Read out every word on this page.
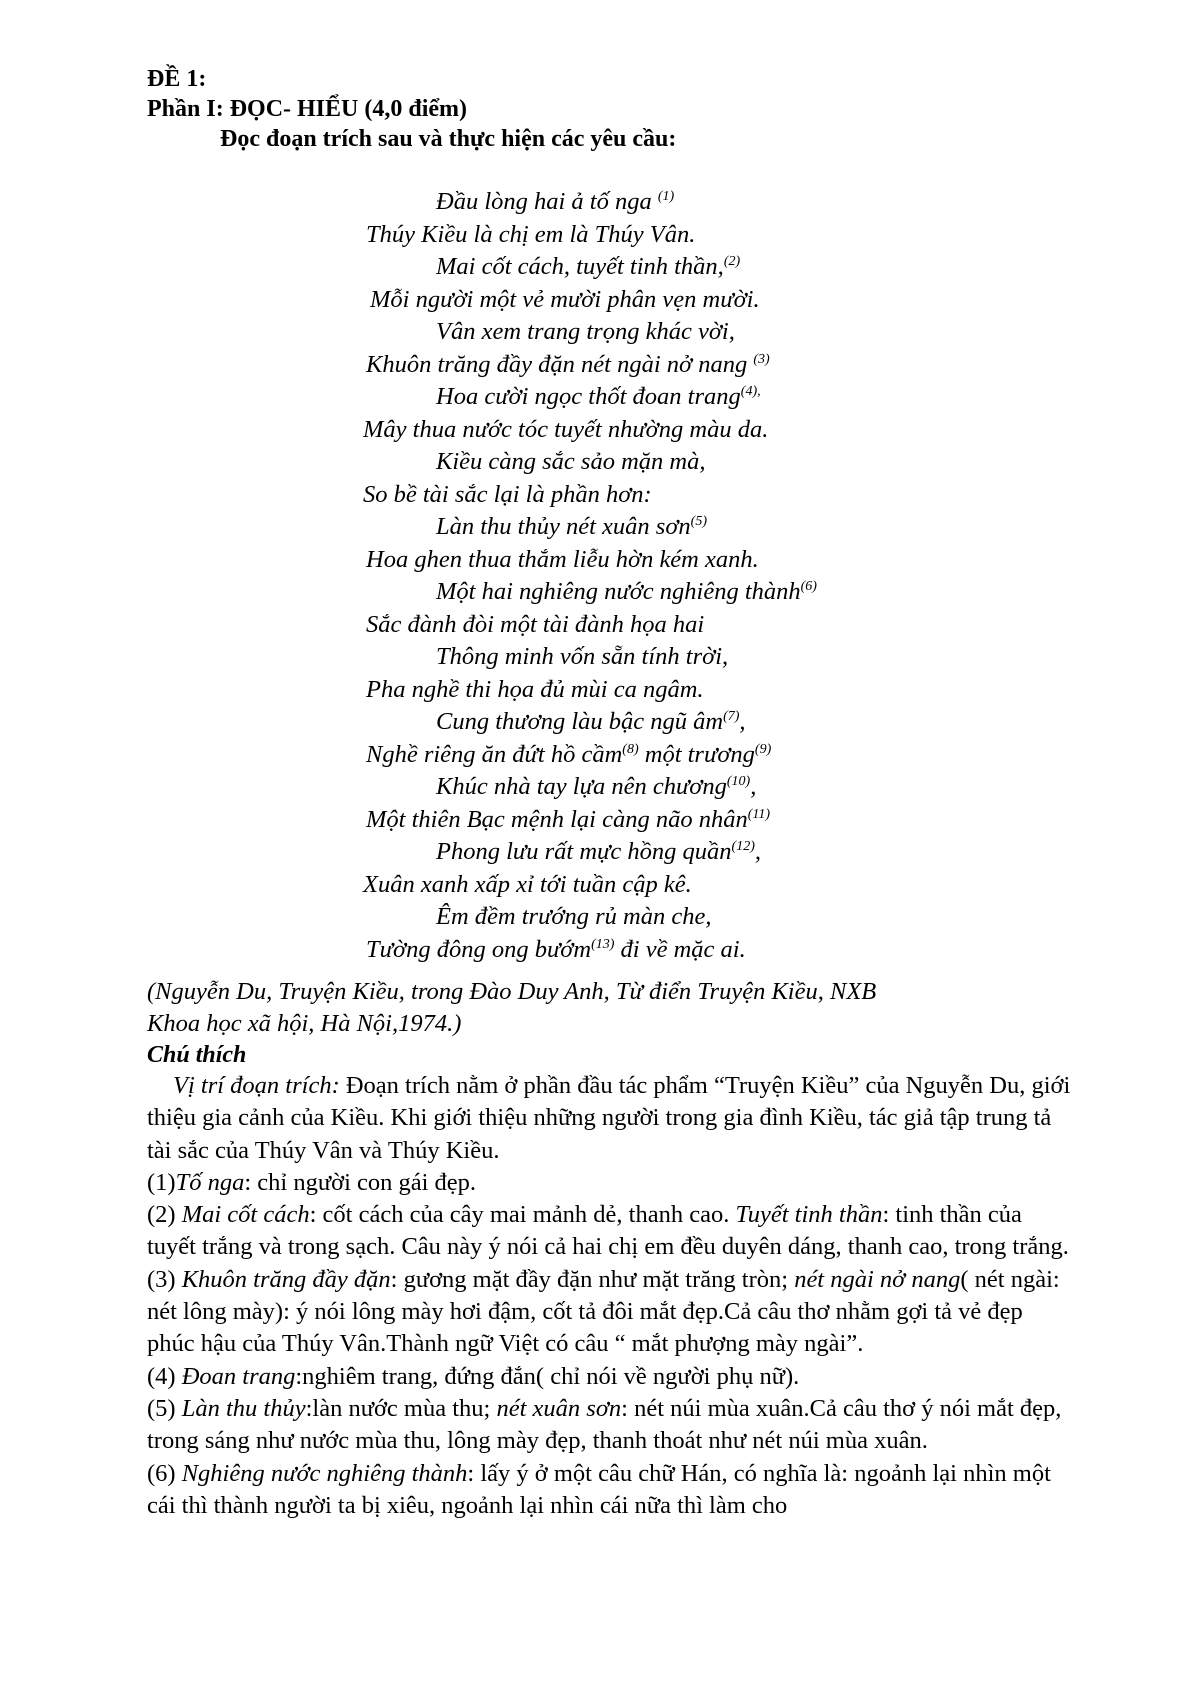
ĐỀ 1:
Phần I: ĐỌC- HIỂU (4,0 điểm)
Đọc đoạn trích sau và thực hiện các yêu cầu:
Đầu lòng hai ả tố nga $^{(1)}$
Thúy Kiều là chị em là Thúy Vân.
Mai cốt cách, tuyết tinh thần,$^{(2)}$
Mỗi người một vẻ mười phân vẹn mười.
Vân xem trang trọng khác vời,
Khuôn trăng đầy đặn nét ngài nở nang $^{(3)}$
Hoa cười ngọc thốt đoan trang$^{(4),}$
Mây thua nước tóc tuyết nhường màu da.
Kiều càng sắc sảo mặn mà,
So bề tài sắc lại là phần hơn:
Làn thu thủy nét xuân sơn$^{(5)}$
Hoa ghen thua thắm liễu hờn kém xanh.
Một hai nghiêng nước nghiêng thành$^{(6)}$
Sắc đành đòi một tài đành họa hai
Thông minh vốn sẵn tính trời,
Pha nghề thi họa đủ mùi ca ngâm.
Cung thương làu bậc ngũ $âm^{(7)}$,
Nghề riêng ăn đứt hồ cầm$^{(8)}$ một trương$^{(9)}$
Khúc nhà tay lựa nên chương$^{(10)}$,
Một thiên Bạc mệnh lại càng não nhân$^{(11)}$
Phong lưu rất mực hồng quần$^{(12)}$,
Xuân xanh xấp xỉ tới tuần cập kê.
Êm đềm trướng rủ màn che,
Tường đông ong bướm$^{(13)}$ đi về mặc ai.
(Nguyễn Du, Truyện Kiều, trong Đào Duy Anh, Từ điển Truyện Kiều, NXB
Khoa học xã hội, Hà Nội,1974.)
Chú thích

Vị trí đoạn trích: Đoạn trích nằm ở phần đầu tác phẩm “Truyện Kiều” của Nguyễn Du, giới thiệu gia cảnh của Kiều. Khi giới thiệu những người trong gia đình Kiều, tác giả tập trung tả tài sắc của Thúy Vân và Thúy Kiều.

(1)Tố nga: chỉ người con gái đẹp.

(2) Mai cốt cách: cốt cách của cây mai mảnh dẻ, thanh cao. Tuyết tinh thần: tinh thần của tuyết trắng và trong sạch. Câu này ý nói cả hai chị em đều duyên dáng, thanh cao, trong trắng.

(3) Khuôn trăng đầy đặn: gương mặt đầy đặn như mặt trăng tròn; nét ngài nở nang( nét ngài: nét lông mày): ý nói lông mày hơi đậm, cốt tả đôi mắt đẹp.Cả câu thơ nhằm gợi tả vẻ đẹp phúc hậu của Thúy Vân.Thành ngữ Việt có câu “ mắt phượng mày ngài”.

(4) Đoan trang:nghiêm trang, đứng đắn( chỉ nói về người phụ nữ).

(5) Làn thu thủy:làn nước mùa thu; nét xuân sơn: nét núi mùa xuân.Cả câu thơ ý nói mắt đẹp, trong sáng như nước mùa thu, lông mày đẹp, thanh thoát như nét núi mùa xuân.

(6) Nghiêng nước nghiêng thành: lấy ý ở một câu chữ Hán, có nghĩa là: ngoảnh lại nhìn một cái thì thành người ta bị xiêu, ngoảnh lại nhìn cái nữa thì làm cho
